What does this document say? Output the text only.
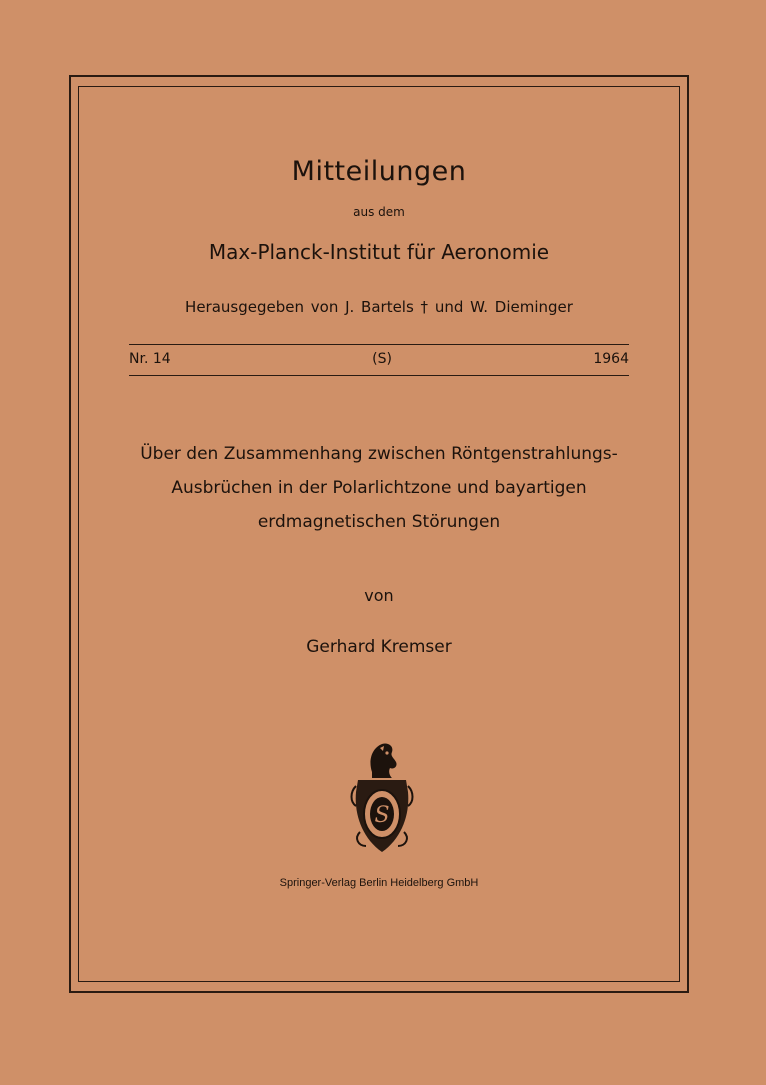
Mitteilungen
aus dem
Max-Planck-Institut für Aeronomie
Herausgegeben von J. Bartels † und W. Dieminger
Nr. 14	(S)	1964
Über den Zusammenhang zwischen Röntgenstrahlungs-
Ausbrüchen in der Polarlichtzone und bayartigen
erdmagnetischen Störungen
von
Gerhard Kremser
S
Springer-Verlag Berlin Heidelberg GmbH
